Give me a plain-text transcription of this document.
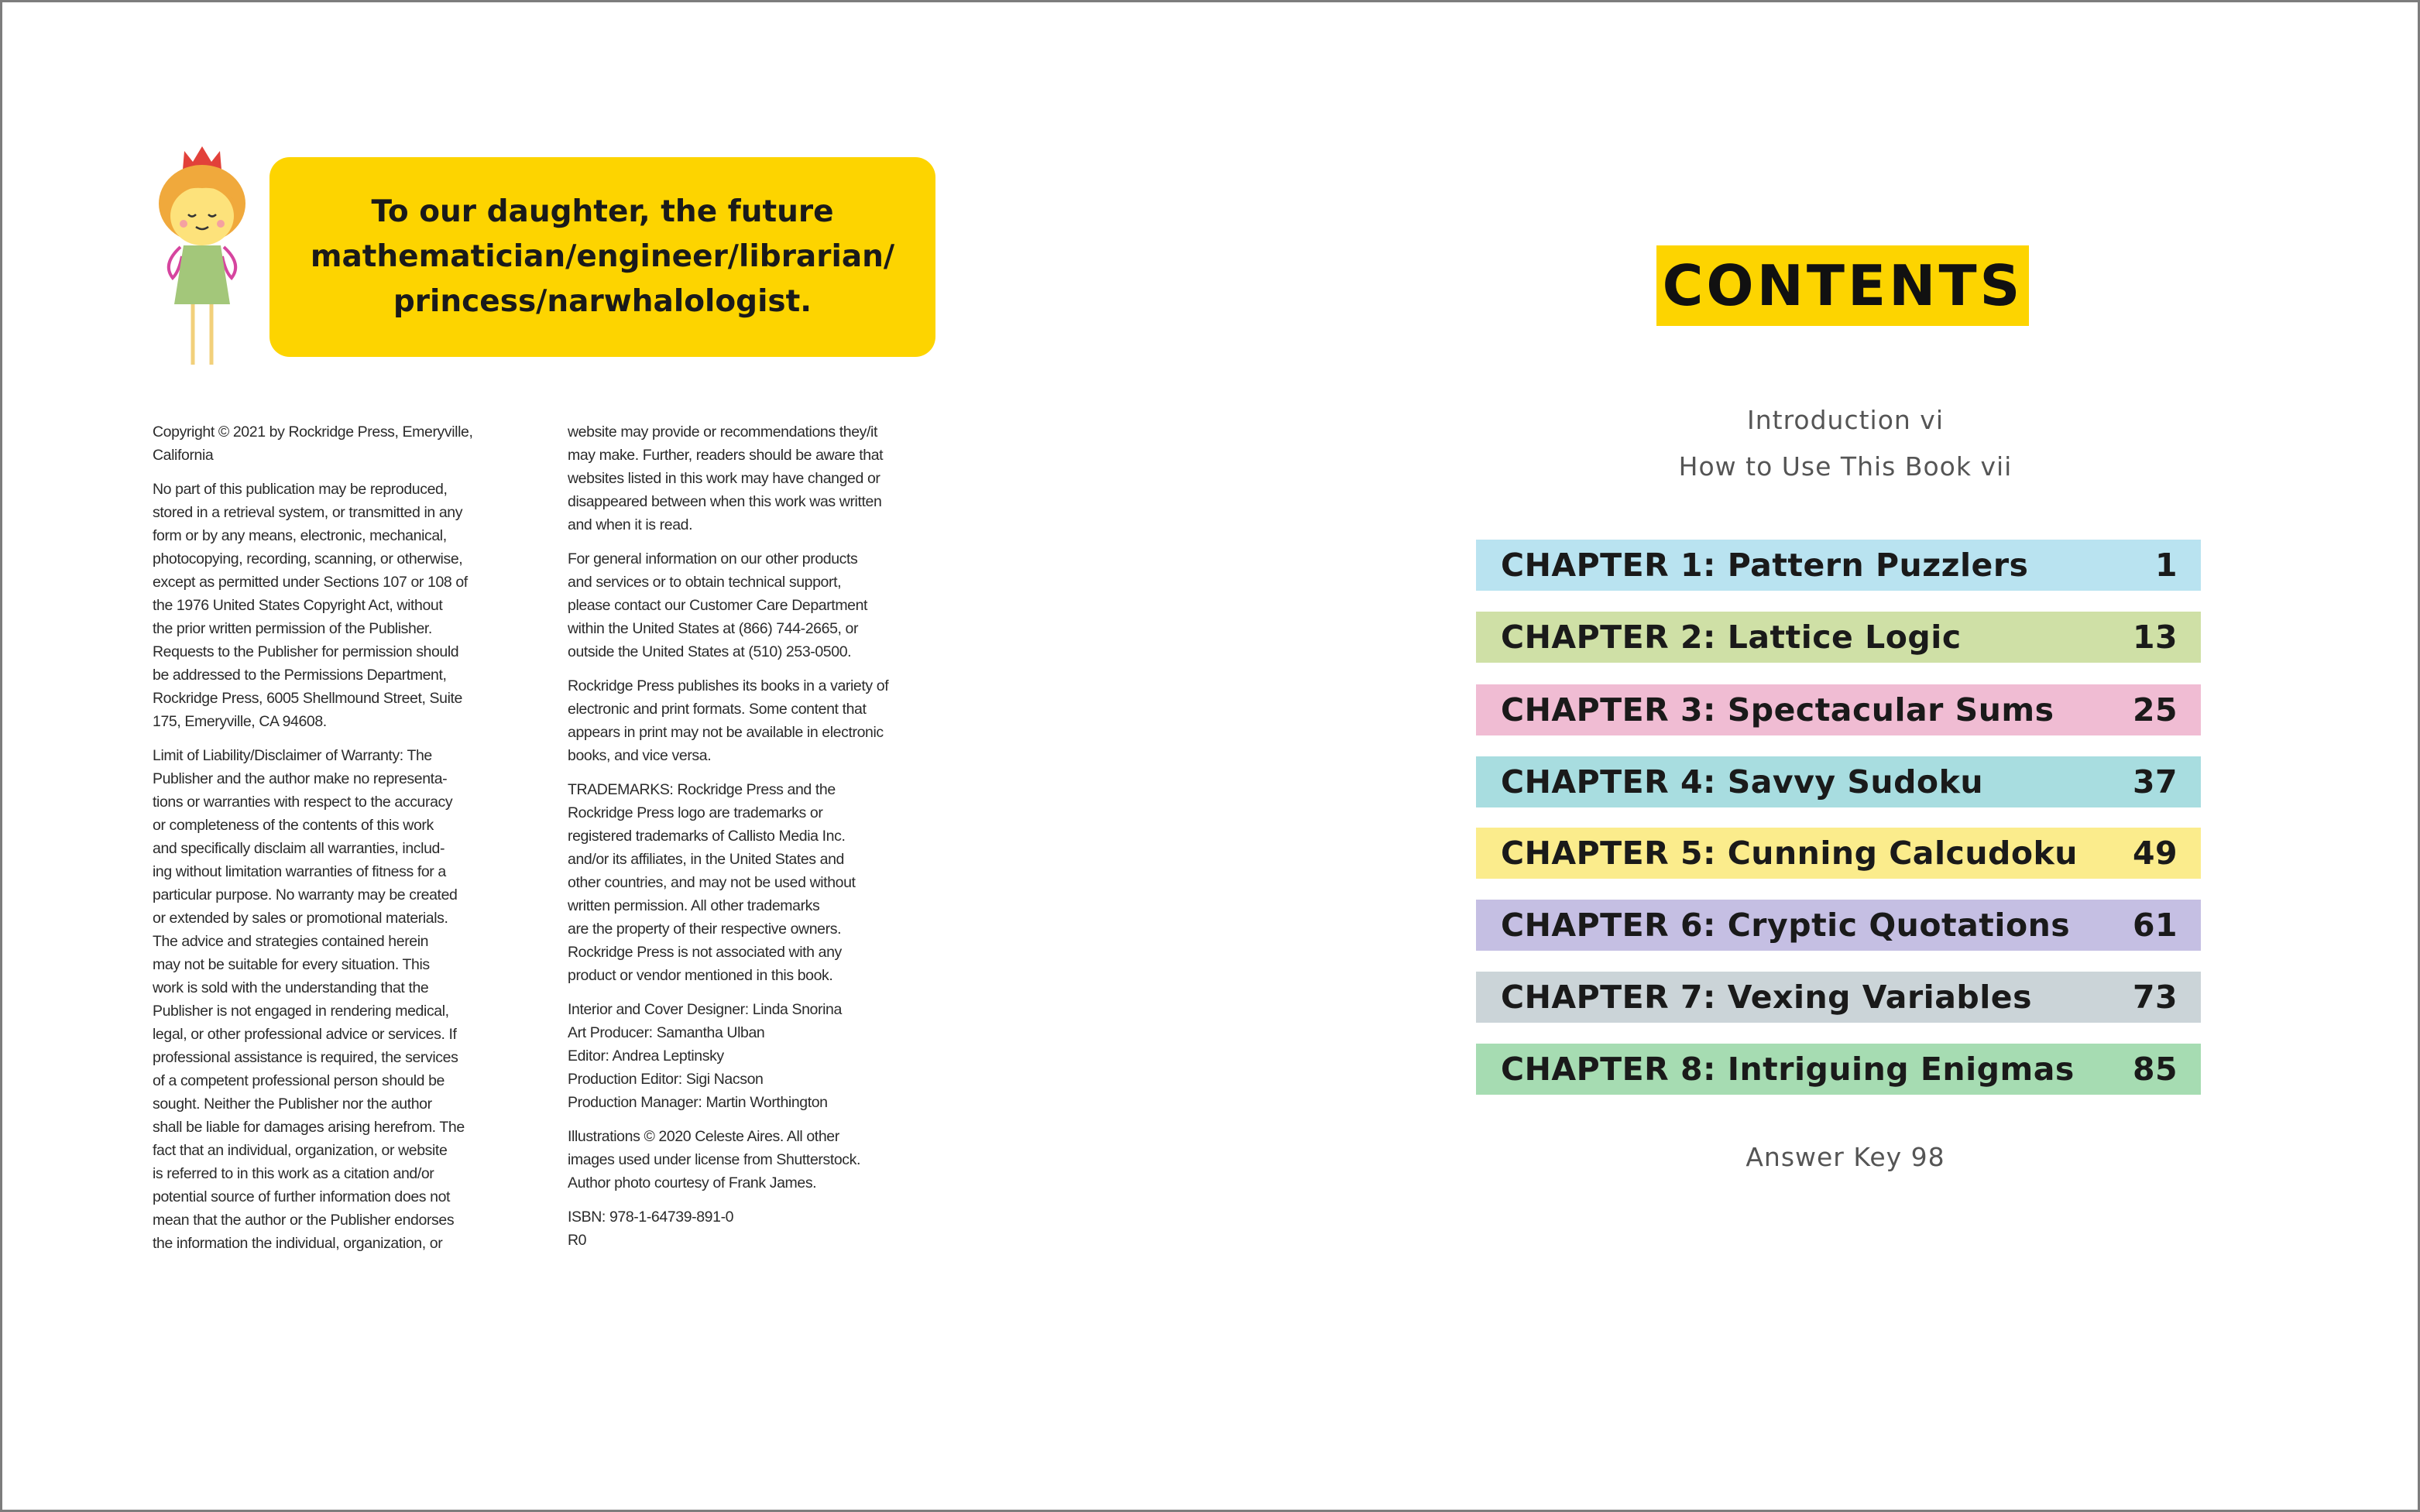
To our daughter, the future
mathematician/engineer/librarian/
princess/narwhalologist.

Copyright © 2021 by Rockridge Press, Emeryville,
California

No part of this publication may be reproduced,
stored in a retrieval system, or transmitted in any
form or by any means, electronic, mechanical,
photocopying, recording, scanning, or otherwise,
except as permitted under Sections 107 or 108 of
the 1976 United States Copyright Act, without
the prior written permission of the Publisher.
Requests to the Publisher for permission should
be addressed to the Permissions Department,
Rockridge Press, 6005 Shellmound Street, Suite
175, Emeryville, CA 94608.

Limit of Liability/Disclaimer of Warranty: The
Publisher and the author make no representa-
tions or warranties with respect to the accuracy
or completeness of the contents of this work
and specifically disclaim all warranties, includ-
ing without limitation warranties of fitness for a
particular purpose. No warranty may be created
or extended by sales or promotional materials.
The advice and strategies contained herein
may not be suitable for every situation. This
work is sold with the understanding that the
Publisher is not engaged in rendering medical,
legal, or other professional advice or services. If
professional assistance is required, the services
of a competent professional person should be
sought. Neither the Publisher nor the author
shall be liable for damages arising herefrom. The
fact that an individual, organization, or website
is referred to in this work as a citation and/or
potential source of further information does not
mean that the author or the Publisher endorses
the information the individual, organization, or

website may provide or recommendations they/it
may make. Further, readers should be aware that
websites listed in this work may have changed or
disappeared between when this work was written
and when it is read.

For general information on our other products
and services or to obtain technical support,
please contact our Customer Care Department
within the United States at (866) 744-2665, or
outside the United States at (510) 253-0500.

Rockridge Press publishes its books in a variety of
electronic and print formats. Some content that
appears in print may not be available in electronic
books, and vice versa.

TRADEMARKS: Rockridge Press and the
Rockridge Press logo are trademarks or
registered trademarks of Callisto Media Inc.
and/or its affiliates, in the United States and
other countries, and may not be used without
written permission. All other trademarks
are the property of their respective owners.
Rockridge Press is not associated with any
product or vendor mentioned in this book.

Interior and Cover Designer: Linda Snorina
Art Producer: Samantha Ulban
Editor: Andrea Leptinsky
Production Editor: Sigi Nacson
Production Manager: Martin Worthington

Illustrations © 2020 Celeste Aires. All other
images used under license from Shutterstock.
Author photo courtesy of Frank James.

ISBN: 978-1-64739-891-0
R0

CONTENTS
Introduction vi
How to Use This Book vii
CHAPTER 1: Pattern Puzzlers	1
CHAPTER 2: Lattice Logic	13
CHAPTER 3: Spectacular Sums 25
CHAPTER 4: Savvy Sudoku	37
CHAPTER 5: Cunning Calcudoku 49
CHAPTER 6: Cryptic Quotations 61
CHAPTER 7: Vexing Variables	73
CHAPTER 8: Intriguing Enigmas 85
Answer Key 98
